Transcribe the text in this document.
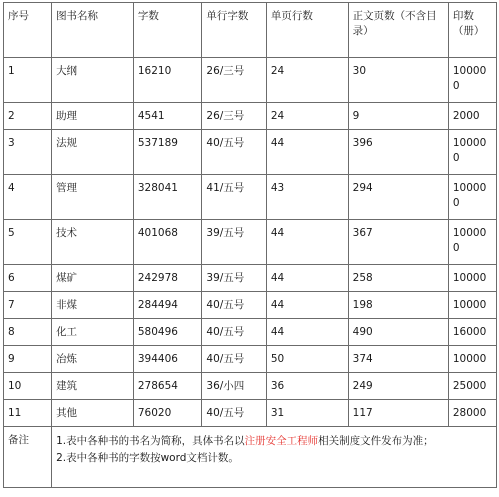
序号	图书名称	字数	单行字数	单页行数	正文页数（不含目录）	印数（册）
1	大纲	16210	26/三号	24	30	100000
2	助理	4541	26/三号	24	9	2000
3	法规	537189	40/五号	44	396	100000
4	管理	328041	41/五号	43	294	100000
5	技术	401068	39/五号	44	367	100000
6	煤矿	242978	39/五号	44	258	10000
7	非煤	284494	40/五号	44	198	10000
8	化工	580496	40/五号	44	490	16000
9	冶炼	394406	40/五号	50	374	10000
10	建筑	278654	36/小四	36	249	25000
11	其他	76020	40/五号	31	117	28000
备注	1.表中各种书的书名为简称，具体书名以注册安全工程师相关制度文件发布为准；
2.表中各种书的字数按word文档计数。					
